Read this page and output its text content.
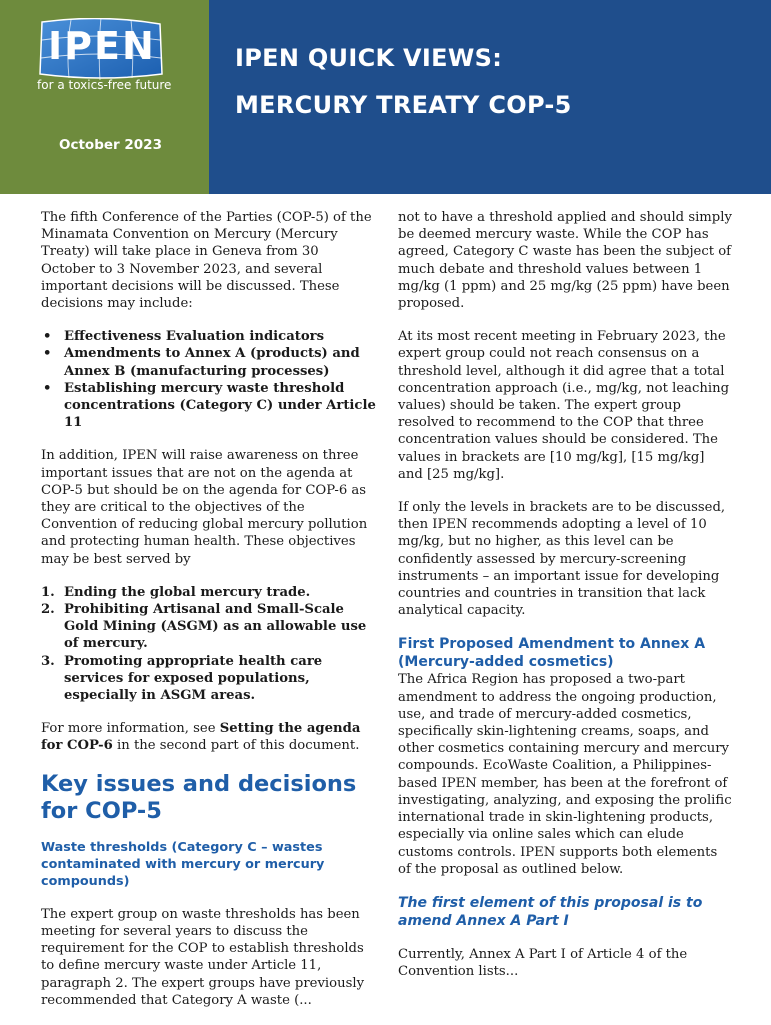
IPEN
for a toxics-free future
October 2023
IPEN QUICK VIEWS:
MERCURY TREATY COP-5

The fifth Conference of the Parties (COP-5) of the Minamata Convention on Mercury (Mercury Treaty) will take place in Geneva from 30 October to 3 November 2023, and several important decisions will be discussed. These decisions may include:

• Effectiveness Evaluation indicators
• Amendments to Annex A (products) and Annex B (manufacturing processes)
• Establishing mercury waste threshold concentrations (Category C) under Article 11

In addition, IPEN will raise awareness on three important issues that are not on the agenda at COP-5 but should be on the agenda for COP-6 as they are critical to the objectives of the Convention of reducing global mercury pollution and protecting human health. These objectives may be best served by

1. Ending the global mercury trade.
2. Prohibiting Artisanal and Small-Scale Gold Mining (ASGM) as an allowable use of mercury.
3. Promoting appropriate health care services for exposed populations, especially in ASGM areas.

For more information, see Setting the agenda for COP-6 in the second part of this document.

Key issues and decisions for COP-5
Waste thresholds (Category C – wastes contaminated with mercury or mercury compounds)

The expert group on waste thresholds has been meeting for several years to discuss the requirement for the COP to establish thresholds to define mercury waste under Article 11, paragraph 2. The expert groups have previously recommended that Category A waste (...

not to have a threshold applied and should simply be deemed mercury waste. While the COP has agreed, Category C waste has been the subject of much debate and threshold values between 1 mg/kg (1 ppm) and 25 mg/kg (25 ppm) have been proposed.

At its most recent meeting in February 2023, the expert group could not reach consensus on a threshold level, although it did agree that a total concentration approach (i.e., mg/kg, not leaching values) should be taken. The expert group resolved to recommend to the COP that three concentration values should be considered. The values in brackets are [10 mg/kg], [15 mg/kg] and [25 mg/kg].

If only the levels in brackets are to be discussed, then IPEN recommends adopting a level of 10 mg/kg, but no higher, as this level can be confidently assessed by mercury-screening instruments – an important issue for developing countries and countries in transition that lack analytical capacity.

First Proposed Amendment to Annex A (Mercury-added cosmetics)

The Africa Region has proposed a two-part amendment to address the ongoing production, use, and trade of mercury-added cosmetics, specifically skin-lightening creams, soaps, and other cosmetics containing mercury and mercury compounds. EcoWaste Coalition, a Philippines-based IPEN member, has been at the forefront of investigating, analyzing, and exposing the prolific international trade in skin-lightening products, especially via online sales which can elude customs controls. IPEN supports both elements of the proposal as outlined below.

The first element of this proposal is to amend Annex A Part I

Currently, Annex A Part I of Article 4 of the Convention lists...
